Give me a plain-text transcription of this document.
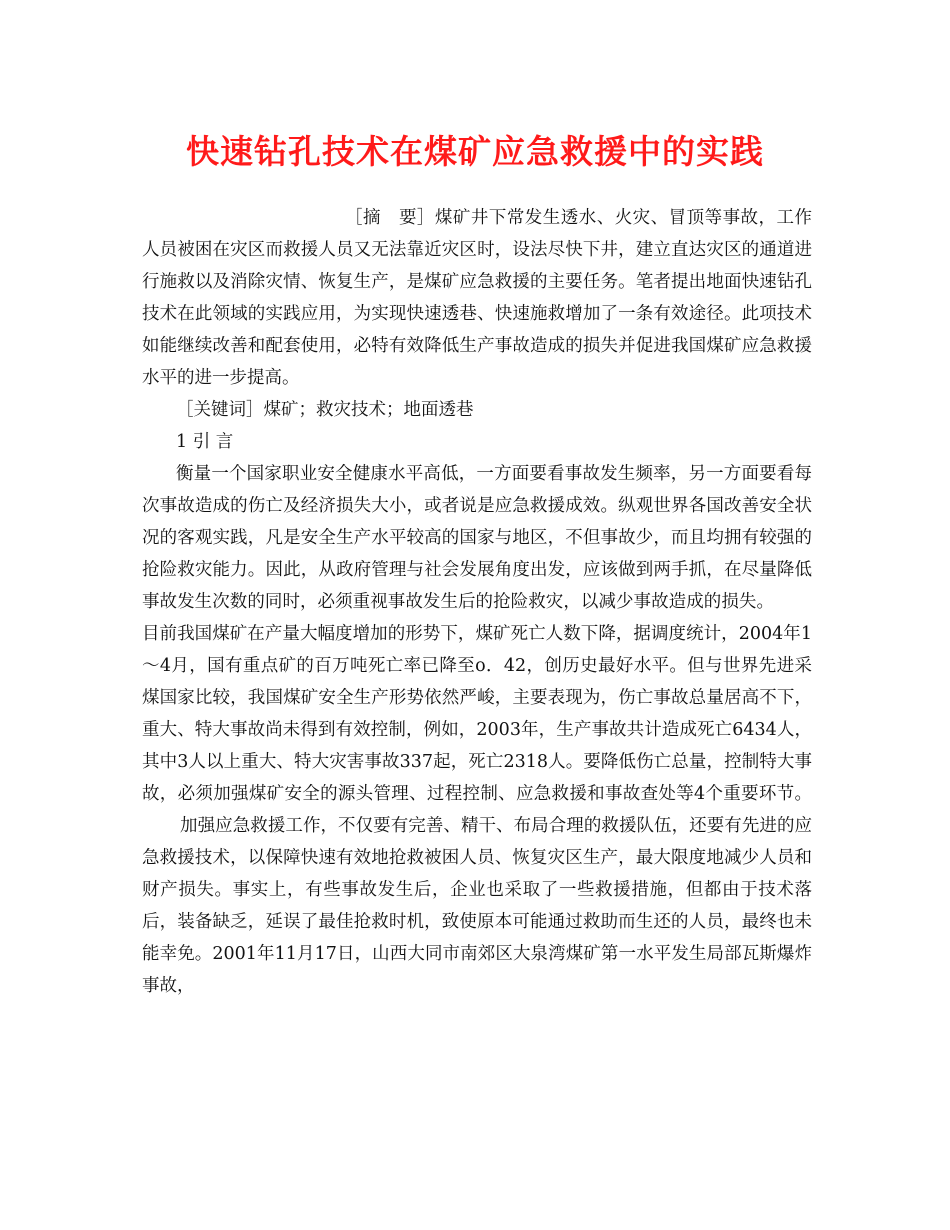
快速钻孔技术在煤矿应急救援中的实践

［摘　要］煤矿井下常发生透水、火灾、冒顶等事故，工作人员被困在灾区而救援人员又无法靠近灾区时，设法尽快下井，建立直达灾区的通道进行施救以及消除灾情、恢复生产，是煤矿应急救援的主要任务。笔者提出地面快速钻孔技术在此领域的实践应用，为实现快速透巷、快速施救增加了一条有效途径。此项技术如能继续改善和配套使用，必特有效降低生产事故造成的损失并促进我国煤矿应急救援水平的进一步提高。

［关键词］煤矿；救灾技术；地面透巷

1 引 言

衡量一个国家职业安全健康水平高低，一方面要看事故发生频率，另一方面要看每次事故造成的伤亡及经济损失大小，或者说是应急救援成效。纵观世界各国改善安全状况的客观实践，凡是安全生产水平较高的国家与地区，不但事故少，而且均拥有较强的抢险救灾能力。因此，从政府管理与社会发展角度出发，应该做到两手抓，在尽量降低事故发生次数的同时，必须重视事故发生后的抢险救灾，以减少事故造成的损失。目前我国煤矿在产量大幅度增加的形势下，煤矿死亡人数下降，据调度统计，2004年1～4月，国有重点矿的百万吨死亡率已降至o．42，创历史最好水平。但与世界先进采煤国家比较，我国煤矿安全生产形势依然严峻，主要表现为，伤亡事故总量居高不下，重大、特大事故尚未得到有效控制，例如，2003年，生产事故共计造成死亡6434人，其中3人以上重大、特大灾害事故337起，死亡2318人。要降低伤亡总量，控制特大事故，必须加强煤矿安全的源头管理、过程控制、应急救援和事故查处等4个重要环节。加强应急救援工作，不仅要有完善、精干、布局合理的救援队伍，还要有先进的应急救援技术，以保障快速有效地抢救被困人员、恢复灾区生产，最大限度地减少人员和财产损失。事实上，有些事故发生后，企业也采取了一些救援措施，但都由于技术落后，装备缺乏，延误了最佳抢救时机，致使原本可能通过救助而生还的人员，最终也未能幸免。2001年11月17日，山西大同市南郊区大泉湾煤矿第一水平发生局部瓦斯爆炸事故，
